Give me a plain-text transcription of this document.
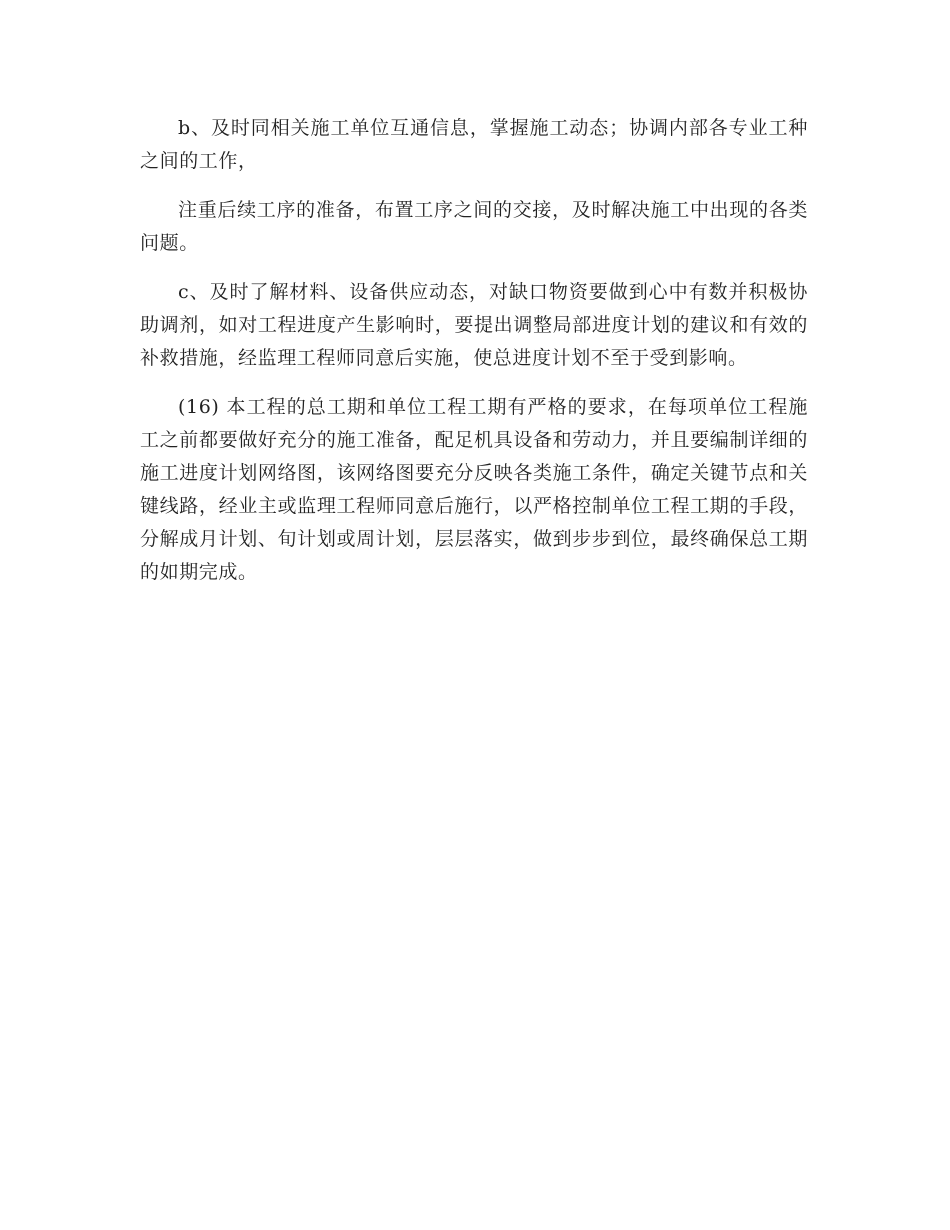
b、及时同相关施工单位互通信息，掌握施工动态；协调内部各专业工种之间的工作，

注重后续工序的准备，布置工序之间的交接，及时解决施工中出现的各类问题。

c、及时了解材料、设备供应动态，对缺口物资要做到心中有数并积极协助调剂，如对工程进度产生影响时，要提出调整局部进度计划的建议和有效的补救措施，经监理工程师同意后实施，使总进度计划不至于受到影响。

(16) 本工程的总工期和单位工程工期有严格的要求，在每项单位工程施工之前都要做好充分的施工准备，配足机具设备和劳动力，并且要编制详细的施工进度计划网络图，该网络图要充分反映各类施工条件，确定关键节点和关键线路，经业主或监理工程师同意后施行，以严格控制单位工程工期的手段，分解成月计划、旬计划或周计划，层层落实，做到步步到位，最终确保总工期的如期完成。
